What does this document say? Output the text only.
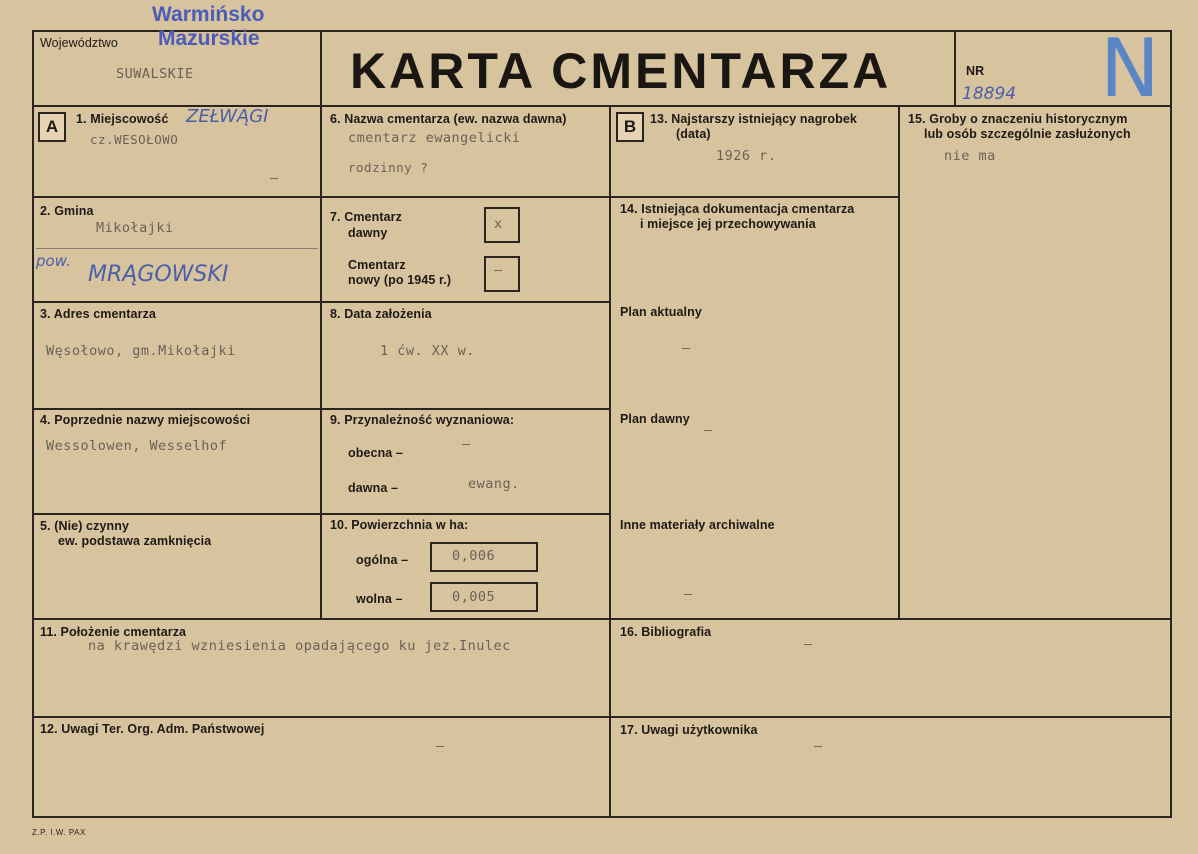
Warmińsko
Mazurskie
Województwo
SUWALSKIE	KARTA CMENTARZA	NR
18894 N
A	B
1. Miejscowość ZEŁWĄGI
cz.WESOŁOWO
–
2. Gmina
Mikołajki
pow.
MRĄGOWSKI
3. Adres cmentarza
Węsołowo, gm.Mikołajki
4. Poprzednie nazwy miejscowości
Wessolowen, Wesselhof
5. (Nie) czynny
ew. podstawa zamknięcia
6. Nazwa cmentarza (ew. nazwa dawna)
cmentarz ewangelicki
rodzinny ?
7. Cmentarz
dawny
x
Cmentarz
nowy (po 1945 r.)
–
8. Data założenia
1 ćw. XX w.
9. Przynależność wyznaniowa:
obecna –
–
dawna –	ewang.
10. Powierzchnia w ha:
ogólna –	0,006
wolna –	0,005
11. Położenie cmentarza
na krawędzi wzniesienia opadającego ku jez.Inulec
12. Uwagi Ter. Org. Adm. Państwowej
–
13. Najstarszy istniejący nagrobek
(data)
1926 r.
14. Istniejąca dokumentacja cmentarza
i miejsce jej przechowywania
Plan aktualny
–
Plan dawny
–
Inne materiały archiwalne
–
15. Groby o znaczeniu historycznym
lub osób szczególnie zasłużonych
nie ma
16. Bibliografia
–
17. Uwagi użytkownika
–
Z.P. I.W. PAX
